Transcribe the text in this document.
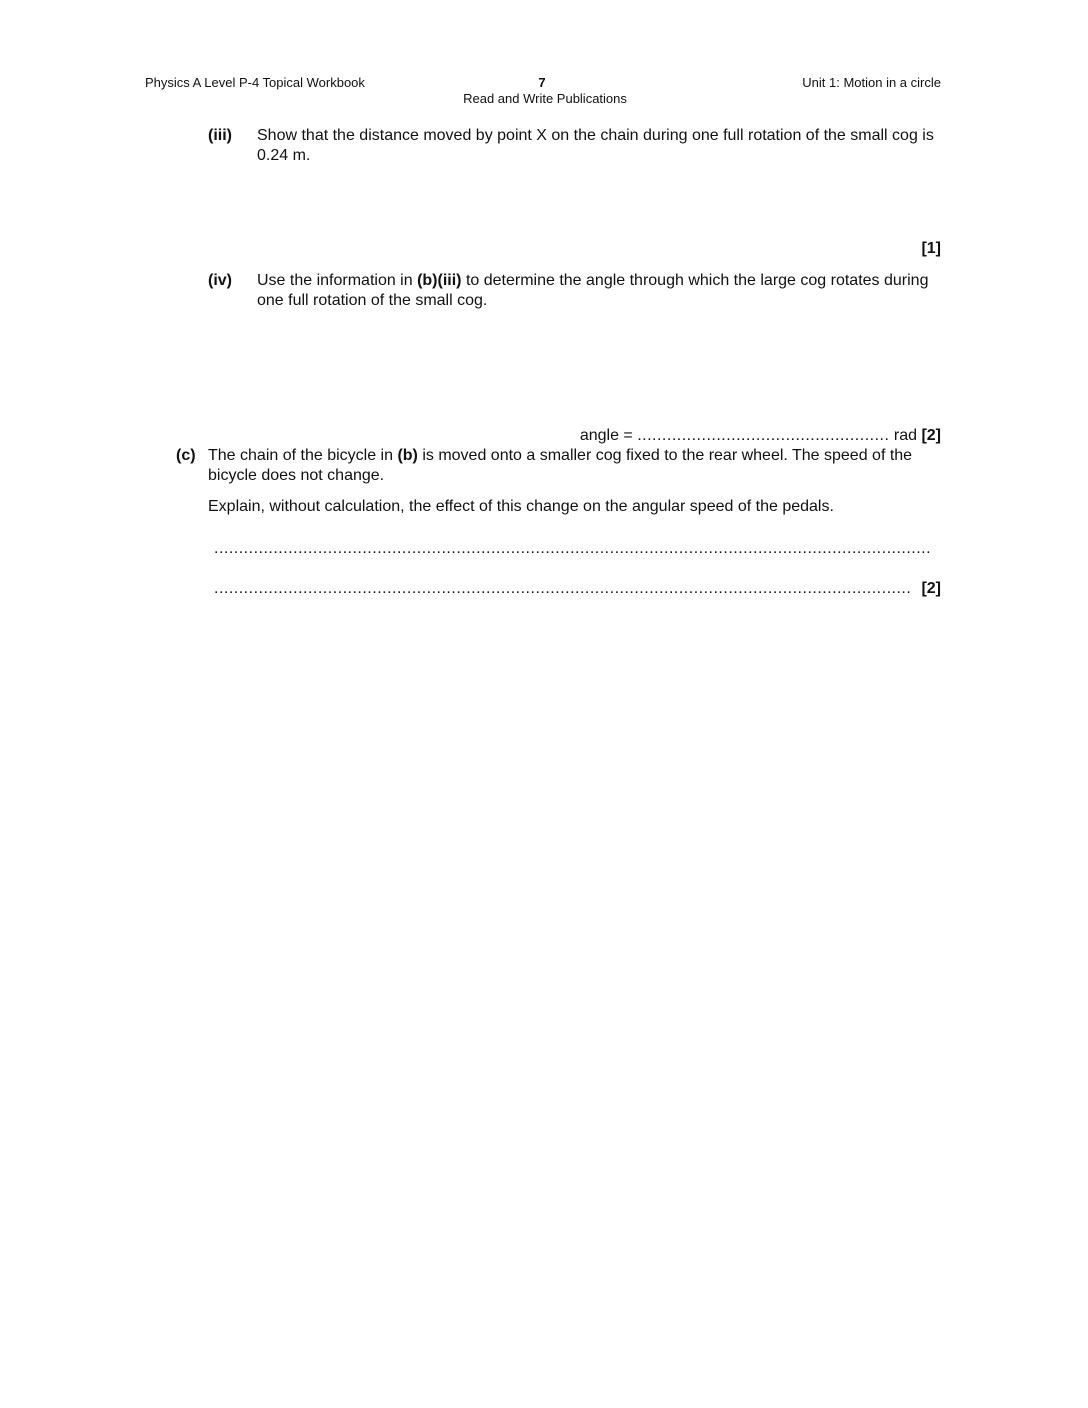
Physics A Level P-4 Topical Workbook	7
Read and Write Publications
Unit 1: Motion in a circle
(iii) Show that the distance moved by point X on the chain during one full rotation of the small cog is 0.24 m.
[1]
(iv) Use the information in (b)(iii) to determine the angle through which the large cog rotates during one full rotation of the small cog.
angle = ................................................... rad [2]
(c) The chain of the bicycle in (b) is moved onto a smaller cog fixed to the rear wheel. The speed of the bicycle does not change.
Explain, without calculation, the effect of this change on the angular speed of the pedals.
.................................................................................................................................................
............................................................................................................................................. [2]
